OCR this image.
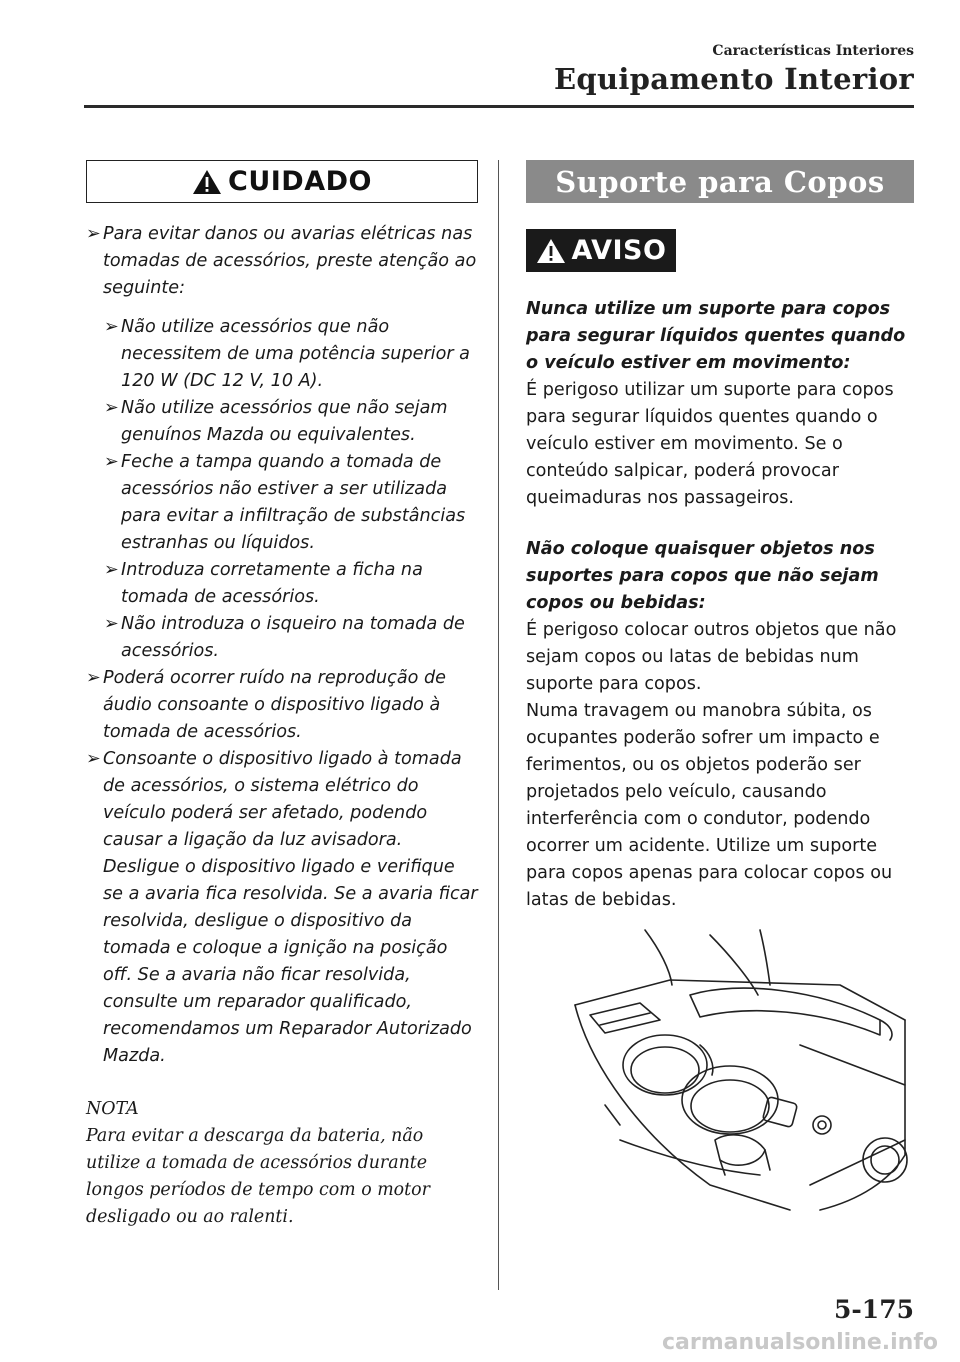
Características Interiores
Equipamento Interior
CUIDADO
➢ Para evitar danos ou avarias elétricas nas tomadas de acessórios, preste atenção ao seguinte:
➢ Não utilize acessórios que não necessitem de uma potência superior a 120 W (DC 12 V, 10 A).
➢ Não utilize acessórios que não sejam genuínos Mazda ou equivalentes.
➢ Feche a tampa quando a tomada de acessórios não estiver a ser utilizada para evitar a infiltração de substâncias estranhas ou líquidos.
➢ Introduza corretamente a ficha na tomada de acessórios.
➢ Não introduza o isqueiro na tomada de acessórios.
➢ Poderá ocorrer ruído na reprodução de áudio consoante o dispositivo ligado à tomada de acessórios.
➢ Consoante o dispositivo ligado à tomada de acessórios, o sistema elétrico do veículo poderá ser afetado, podendo causar a ligação da luz avisadora. Desligue o dispositivo ligado e verifique se a avaria fica resolvida. Se a avaria ficar resolvida, desligue o dispositivo da tomada e coloque a ignição na posição off. Se a avaria não ficar resolvida, consulte um reparador qualificado, recomendamos um Reparador Autorizado Mazda.
NOTA
Para evitar a descarga da bateria, não utilize a tomada de acessórios durante longos períodos de tempo com o motor desligado ou ao ralenti.
Suporte para Copos
AVISO
Nunca utilize um suporte para copos para segurar líquidos quentes quando o veículo estiver em movimento:
É perigoso utilizar um suporte para copos para segurar líquidos quentes quando o veículo estiver em movimento. Se o conteúdo salpicar, poderá provocar queimaduras nos passageiros.
Não coloque quaisquer objetos nos suportes para copos que não sejam copos ou bebidas:
É perigoso colocar outros objetos que não sejam copos ou latas de bebidas num suporte para copos.
Numa travagem ou manobra súbita, os ocupantes poderão sofrer um impacto e ferimentos, ou os objetos poderão ser projetados pelo veículo, causando interferência com o condutor, podendo ocorrer um acidente. Utilize um suporte para copos apenas para colocar copos ou latas de bebidas.
5-175
carmanualsonline.info
